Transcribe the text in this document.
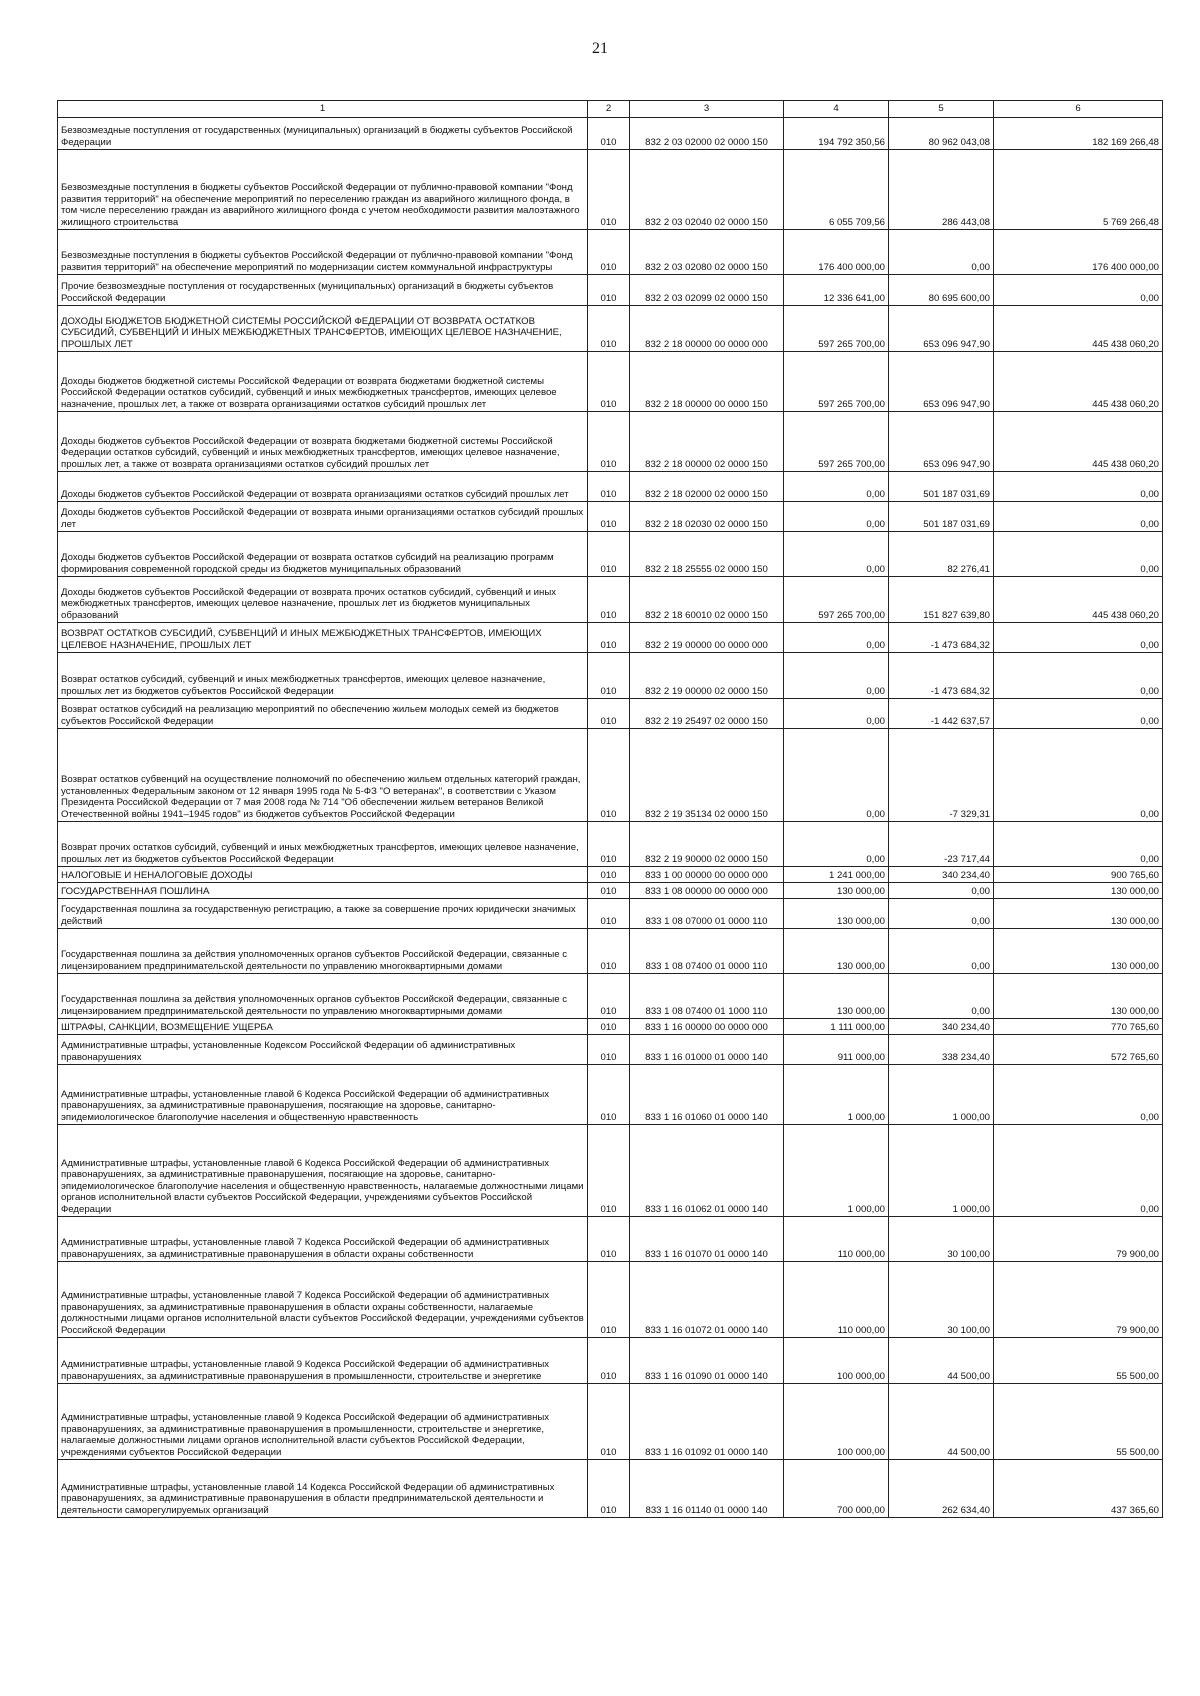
21
1	2	3	4	5	6
Безвозмездные поступления от государственных (муниципальных) организаций в бюджеты субъектов Российской Федерации	010	832 2 03 02000 02 0000 150	194 792 350,56	80 962 043,08	182 169 266,48
Безвозмездные поступления в бюджеты субъектов Российской Федерации от публично-правовой компании "Фонд развития территорий" на обеспечение мероприятий по переселению граждан из аварийного жилищного фонда, в том числе переселению граждан из аварийного жилищного фонда с учетом необходимости развития малоэтажного жилищного строительства	010	832 2 03 02040 02 0000 150	6 055 709,56	286 443,08	5 769 266,48
Безвозмездные поступления в бюджеты субъектов Российской Федерации от публично-правовой компании "Фонд развития территорий" на обеспечение мероприятий по модернизации систем коммунальной инфраструктуры	010	832 2 03 02080 02 0000 150	176 400 000,00	0,00	176 400 000,00
Прочие безвозмездные поступления от государственных (муниципальных) организаций в бюджеты субъектов Российской Федерации	010	832 2 03 02099 02 0000 150	12 336 641,00	80 695 600,00	0,00
ДОХОДЫ БЮДЖЕТОВ БЮДЖЕТНОЙ СИСТЕМЫ РОССИЙСКОЙ ФЕДЕРАЦИИ ОТ ВОЗВРАТА ОСТАТКОВ СУБСИДИЙ, СУБВЕНЦИЙ И ИНЫХ МЕЖБЮДЖЕТНЫХ ТРАНСФЕРТОВ, ИМЕЮЩИХ ЦЕЛЕВОЕ НАЗНАЧЕНИЕ, ПРОШЛЫХ ЛЕТ	010	832 2 18 00000 00 0000 000	597 265 700,00	653 096 947,90	445 438 060,20
Доходы бюджетов бюджетной системы Российской Федерации от возврата бюджетами бюджетной системы Российской Федерации остатков субсидий, субвенций и иных межбюджетных трансфертов, имеющих целевое назначение, прошлых лет, а также от возврата организациями остатков субсидий прошлых лет	010	832 2 18 00000 00 0000 150	597 265 700,00	653 096 947,90	445 438 060,20
Доходы бюджетов субъектов Российской Федерации от возврата бюджетами бюджетной системы Российской Федерации остатков субсидий, субвенций и иных межбюджетных трансфертов, имеющих целевое назначение, прошлых лет, а также от возврата организациями остатков субсидий прошлых лет	010	832 2 18 00000 02 0000 150	597 265 700,00	653 096 947,90	445 438 060,20
Доходы бюджетов субъектов Российской Федерации от возврата организациями остатков субсидий прошлых лет	010	832 2 18 02000 02 0000 150	0,00	501 187 031,69	0,00
Доходы бюджетов субъектов Российской Федерации от возврата иными организациями остатков субсидий прошлых лет	010	832 2 18 02030 02 0000 150	0,00	501 187 031,69	0,00
Доходы бюджетов субъектов Российской Федерации от возврата остатков субсидий на реализацию программ формирования современной городской среды из бюджетов муниципальных образований	010	832 2 18 25555 02 0000 150	0,00	82 276,41	0,00
Доходы бюджетов субъектов Российской Федерации от возврата прочих остатков субсидий, субвенций и иных межбюджетных трансфертов, имеющих целевое назначение, прошлых лет из бюджетов муниципальных образований	010	832 2 18 60010 02 0000 150	597 265 700,00	151 827 639,80	445 438 060,20
ВОЗВРАТ ОСТАТКОВ СУБСИДИЙ, СУБВЕНЦИЙ И ИНЫХ МЕЖБЮДЖЕТНЫХ ТРАНСФЕРТОВ, ИМЕЮЩИХ ЦЕЛЕВОЕ НАЗНАЧЕНИЕ, ПРОШЛЫХ ЛЕТ	010	832 2 19 00000 00 0000 000	0,00	-1 473 684,32	0,00
Возврат остатков субсидий, субвенций и иных межбюджетных трансфертов, имеющих целевое назначение, прошлых лет из бюджетов субъектов Российской Федерации	010	832 2 19 00000 02 0000 150	0,00	-1 473 684,32	0,00
Возврат остатков субсидий на реализацию мероприятий по обеспечению жильем молодых семей из бюджетов субъектов Российской Федерации	010	832 2 19 25497 02 0000 150	0,00	-1 442 637,57	0,00
Возврат остатков субвенций на осуществление полномочий по обеспечению жильем отдельных категорий граждан, установленных Федеральным законом от 12 января 1995 года № 5-ФЗ "О ветеранах", в соответствии с Указом Президента Российской Федерации от 7 мая 2008 года № 714 "Об обеспечении жильем ветеранов Великой Отечественной войны 1941–1945 годов" из бюджетов субъектов Российской Федерации	010	832 2 19 35134 02 0000 150	0,00	-7 329,31	0,00
Возврат прочих остатков субсидий, субвенций и иных межбюджетных трансфертов, имеющих целевое назначение, прошлых лет из бюджетов субъектов Российской Федерации	010	832 2 19 90000 02 0000 150	0,00	-23 717,44	0,00
НАЛОГОВЫЕ И НЕНАЛОГОВЫЕ ДОХОДЫ	010	833 1 00 00000 00 0000 000	1 241 000,00	340 234,40	900 765,60
ГОСУДАРСТВЕННАЯ ПОШЛИНА	010	833 1 08 00000 00 0000 000	130 000,00	0,00	130 000,00
Государственная пошлина за государственную регистрацию, а также за совершение прочих юридически значимых действий	010	833 1 08 07000 01 0000 110	130 000,00	0,00	130 000,00
Государственная пошлина за действия уполномоченных органов субъектов Российской Федерации, связанные с лицензированием предпринимательской деятельности по управлению многоквартирными домами	010	833 1 08 07400 01 0000 110	130 000,00	0,00	130 000,00
Государственная пошлина за действия уполномоченных органов субъектов Российской Федерации, связанные с лицензированием предпринимательской деятельности по управлению многоквартирными домами	010	833 1 08 07400 01 1000 110	130 000,00	0,00	130 000,00
ШТРАФЫ, САНКЦИИ, ВОЗМЕЩЕНИЕ УЩЕРБА	010	833 1 16 00000 00 0000 000	1 111 000,00	340 234,40	770 765,60
Административные штрафы, установленные Кодексом Российской Федерации об административных правонарушениях	010	833 1 16 01000 01 0000 140	911 000,00	338 234,40	572 765,60
Административные штрафы, установленные главой 6 Кодекса Российской Федерации об административных правонарушениях, за административные правонарушения, посягающие на здоровье, санитарно-эпидемиологическое благополучие населения и общественную нравственность	010	833 1 16 01060 01 0000 140	1 000,00	1 000,00	0,00
Административные штрафы, установленные главой 6 Кодекса Российской Федерации об административных правонарушениях, за административные правонарушения, посягающие на здоровье, санитарно-эпидемиологическое благополучие населения и общественную нравственность, налагаемые должностными лицами органов исполнительной власти субъектов Российской Федерации, учреждениями субъектов Российской Федерации	010	833 1 16 01062 01 0000 140	1 000,00	1 000,00	0,00
Административные штрафы, установленные главой 7 Кодекса Российской Федерации об административных правонарушениях, за административные правонарушения в области охраны собственности	010	833 1 16 01070 01 0000 140	110 000,00	30 100,00	79 900,00
Административные штрафы, установленные главой 7 Кодекса Российской Федерации об административных правонарушениях, за административные правонарушения в области охраны собственности, налагаемые должностными лицами органов исполнительной власти субъектов Российской Федерации, учреждениями субъектов Российской Федерации	010	833 1 16 01072 01 0000 140	110 000,00	30 100,00	79 900,00
Административные штрафы, установленные главой 9 Кодекса Российской Федерации об административных правонарушениях, за административные правонарушения в промышленности, строительстве и энергетике	010	833 1 16 01090 01 0000 140	100 000,00	44 500,00	55 500,00
Административные штрафы, установленные главой 9 Кодекса Российской Федерации об административных правонарушениях, за административные правонарушения в промышленности, строительстве и энергетике, налагаемые должностными лицами органов исполнительной власти субъектов Российской Федерации, учреждениями субъектов Российской Федерации	010	833 1 16 01092 01 0000 140	100 000,00	44 500,00	55 500,00
Административные штрафы, установленные главой 14 Кодекса Российской Федерации об административных правонарушениях, за административные правонарушения в области предпринимательской деятельности и деятельности саморегулируемых организаций	010	833 1 16 01140 01 0000 140	700 000,00	262 634,40	437 365,60
